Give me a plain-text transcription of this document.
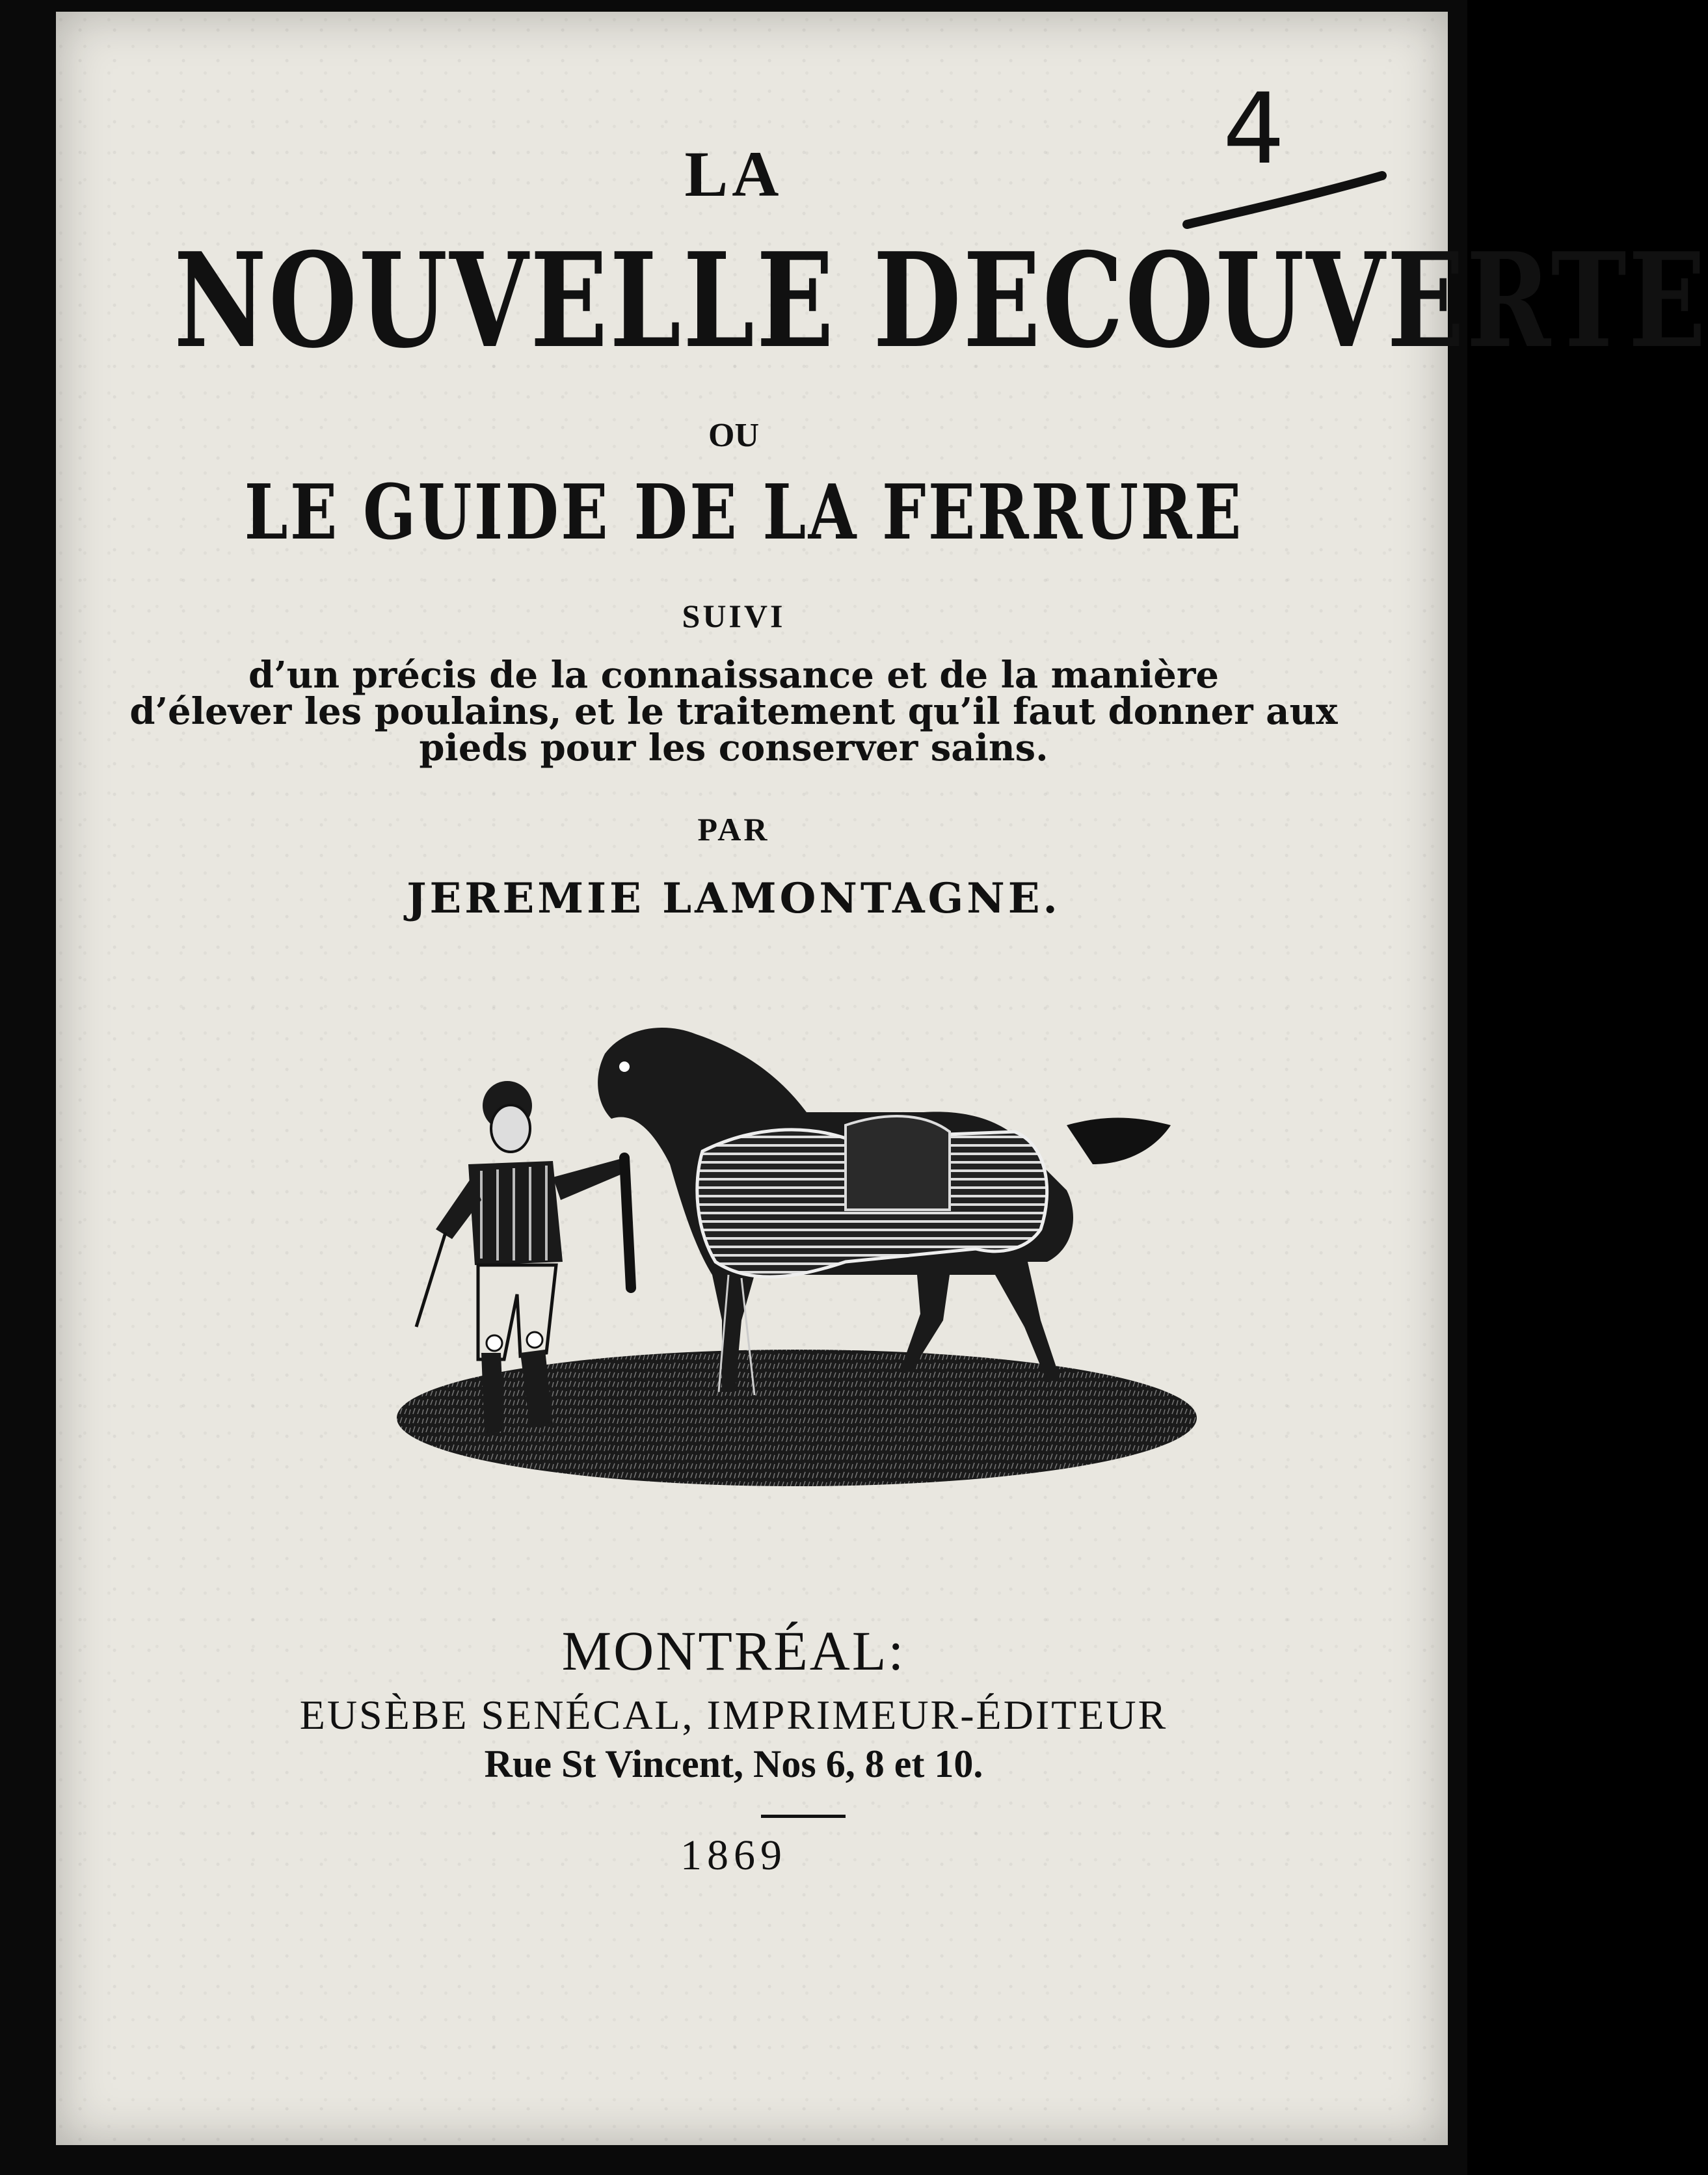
4
LA
NOUVELLE DECOUVERTE
OU
LE GUIDE DE LA FERRURE
SUIVI
d’un précis de la connaissance et de la manière
d’élever les poulains, et le traitement qu’il faut donner aux
pieds pour les conserver sains.
PAR
JEREMIE LAMONTAGNE.
MONTRÉAL:
EUSÈBE SENÉCAL, IMPRIMEUR-ÉDITEUR
Rue St Vincent, Nos 6, 8 et 10.
1869
